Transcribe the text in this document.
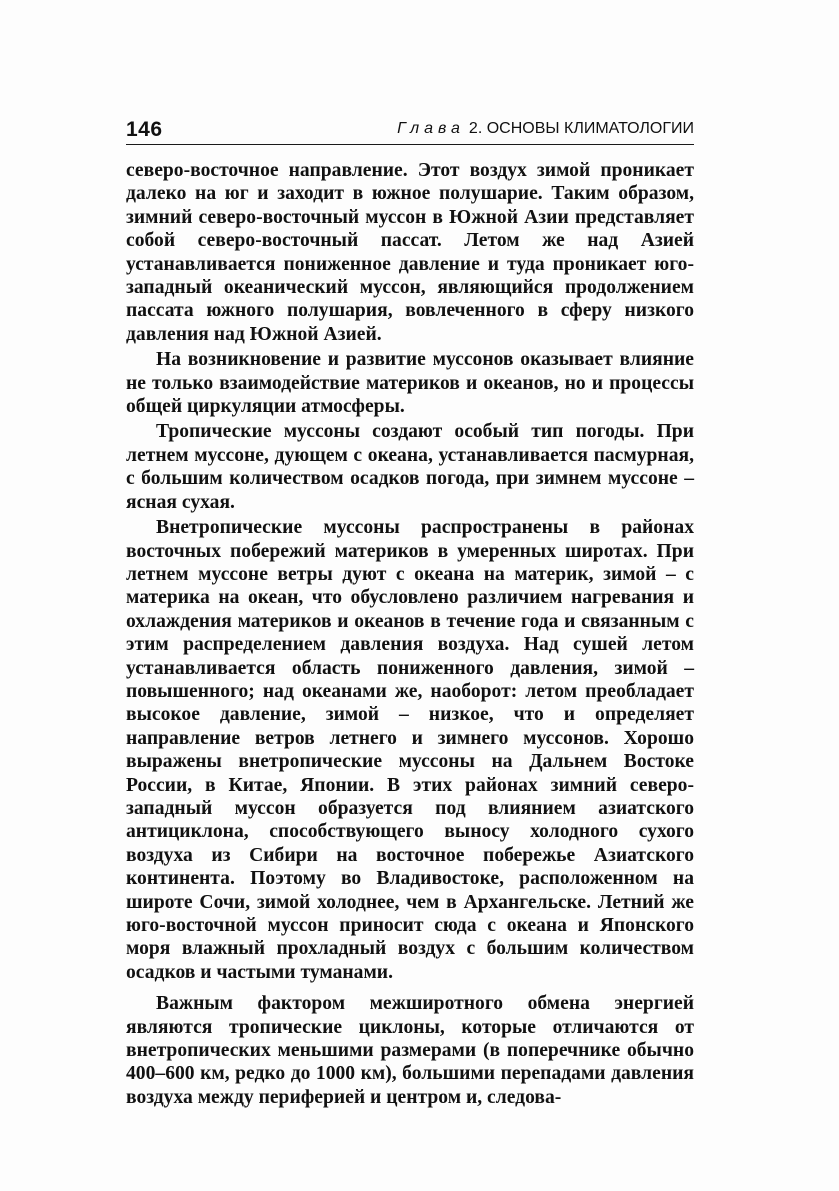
146	Глава 2. ОСНОВЫ КЛИМАТОЛОГИИ

северо-восточное направление. Этот воздух зимой проникает далеко на юг и заходит в южное полушарие. Таким образом, зимний северо-восточный муссон в Южной Азии представляет собой северо-восточный пассат. Летом же над Азией устанавливается пониженное давление и туда проникает юго-западный океанический муссон, являющийся продолжением пассата южного полушария, вовлеченного в сферу низкого давления над Южной Азией.

На возникновение и развитие муссонов оказывает влияние не только взаимодействие материков и океанов, но и процессы общей циркуляции атмосферы.

Тропические муссоны создают особый тип погоды. При летнем муссоне, дующем с океана, устанавливается пасмурная, с большим количеством осадков погода, при зимнем муссоне – ясная сухая.

Внетропические муссоны распространены в районах восточных побережий материков в умеренных широтах. При летнем муссоне ветры дуют с океана на материк, зимой – с материка на океан, что обусловлено различием нагревания и охлаждения материков и океанов в течение года и связанным с этим распределением давления воздуха. Над сушей летом устанавливается область пониженного давления, зимой – повышенного; над океанами же, наоборот: летом преобладает высокое давление, зимой – низкое, что и определяет направление ветров летнего и зимнего муссонов. Хорошо выражены внетропические муссоны на Дальнем Востоке России, в Китае, Японии. В этих районах зимний северо-западный муссон образуется под влиянием азиатского антициклона, способствующего выносу холодного сухого воздуха из Сибири на восточное побережье Азиатского континента. Поэтому во Владивостоке, расположенном на широте Сочи, зимой холоднее, чем в Архангельске. Летний же юго-восточной муссон приносит сюда с океана и Японского моря влажный прохладный воздух с большим количеством осадков и частыми туманами.

Важным фактором межширотного обмена энергией являются тропические циклоны, которые отличаются от внетропических меньшими размерами (в поперечнике обычно 400–600 км, редко до 1000 км), большими перепадами давления воздуха между периферией и центром и, следова-
